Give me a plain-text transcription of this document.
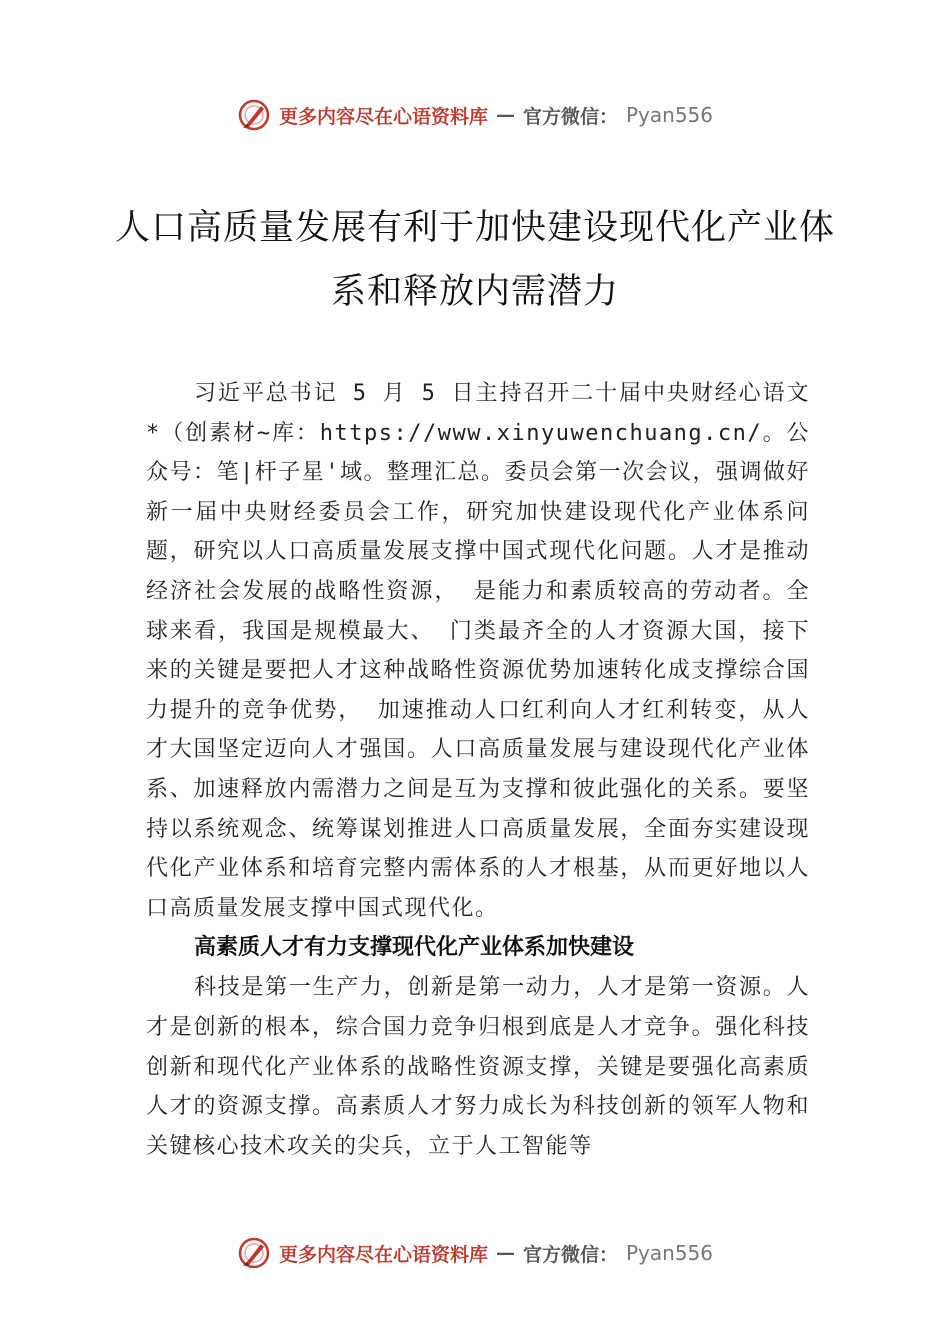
更多内容尽在心语资料库 — 官方微信： Pyan556
人口高质量发展有利于加快建设现代化产业体系和释放内需潜力

习近平总书记 5 月 5 日主持召开二十届中央财经心语文*（创素材~库：https://www.xinyuwenchuang.cn/。公众号：笔|杆子星'域。整理汇总。委员会第一次会议，强调做好新一届中央财经委员会工作，研究加快建设现代化产业体系问题，研究以人口高质量发展支撑中国式现代化问题。人才是推动经济社会发展的战略性资源， 是能力和素质较高的劳动者。全球来看，我国是规模最大、 门类最齐全的人才资源大国，接下来的关键是要把人才这种战略性资源优势加速转化成支撑综合国力提升的竞争优势， 加速推动人口红利向人才红利转变，从人才大国坚定迈向人才强国。人口高质量发展与建设现代化产业体系、加速释放内需潜力之间是互为支撑和彼此强化的关系。要坚持以系统观念、统筹谋划推进人口高质量发展，全面夯实建设现代化产业体系和培育完整内需体系的人才根基，从而更好地以人口高质量发展支撑中国式现代化。

高素质人才有力支撑现代化产业体系加快建设

科技是第一生产力，创新是第一动力，人才是第一资源。人才是创新的根本，综合国力竞争归根到底是人才竞争。强化科技创新和现代化产业体系的战略性资源支撑，关键是要强化高素质人才的资源支撑。高素质人才努力成长为科技创新的领军人物和关键核心技术攻关的尖兵，立于人工智能等

更多内容尽在心语资料库 — 官方微信： Pyan556
